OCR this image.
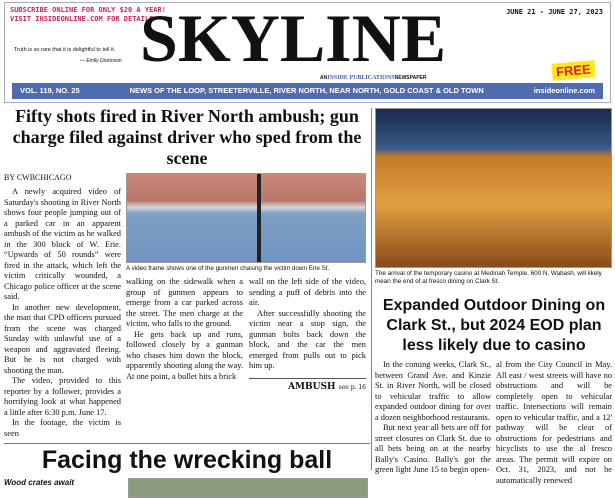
SUBSCRIBE ONLINE FOR ONLY $20 A YEAR!
VISIT INSIDEONLINE.COM FOR DETAILS
Truth is so rare that it is delightful to tell it.
— Emily Dickinson SKYLINE
ANINSIDE PUBLICATIONSNEWSPAPER
JUNE 21 - JUNE 27, 2023
FREE
VOL. 119, NO. 25	NEWS OF THE LOOP, STREETERVILLE, RIVER NORTH, NEAR NORTH, GOLD COAST & OLD TOWN	insideonline.com
Fifty shots fired in River North ambush; gun charge filed against driver who sped from the scene
BY CWBCHICAGO

A newly acquired video of Saturday's shooting in River North shows four people jumping out of a parked car in an apparent ambush of the victim as he walked in the 300 block of W. Erie. “Upwards of 50 rounds” were fired in the attack, which left the victim critically wounded, a Chicago police officer at the scene said.

In another new development, the man that CPD officers pursued from the scene was charged Sunday with unlawful use of a weapon and aggravated fleeing. But he is not charged with shooting the man.

The video, provided to this reporter by a follower, provides a horrifying look at what happened a little after 6:30 p.m. June 17.

In the footage, the victim is seen

A video frame shows one of the gunmen chasing the victim down Erie St.

walking on the sidewalk when a group of gunmen appears to emerge from a car parked across the street. The men charge at the victim, who falls to the ground.

He gets back up and runs, followed closely by a gunman who chases him down the block, apparently shooting along the way. At one point, a bullet hits a brick

wall on the left side of the video, sending a puff of debris into the air.

After successfully shooting the victim near a stop sign, the gunman bolts back down the block, and the car the men emerged from pulls out to pick him up.

AMBUSH see p. 16
Facing the wrecking ball
Wood crates await
The arrival of the temporary casino at Medinah Temple, 600 N. Wabash, will likely mean the end of al fresco dining on Clark St.
Expanded Outdoor Dining on Clark St., but 2024 EOD plan less likely due to casino

In the coming weeks, Clark St., between Grand Ave. and Kinzie St. in River North, will be closed to vehicular traffic to allow expanded outdoor dining for over a dozen neighborhood restaurants.

But next year all bets are off for street closures on Clark St. due to all bets being on at the nearby Bally's Casino. Bally's got the green light June 15 to begin open-

al from the City Council in May. All east / west streets will have no obstructions and will be completely open to vehicular traffic. Intersections will remain open to vehicular traffic, and a 12' pathway will be clear of obstructions for pedestrians and bicyclists to use the al fresco areas. The permit will expire on Oct. 31, 2023, and not be automatically renewed
